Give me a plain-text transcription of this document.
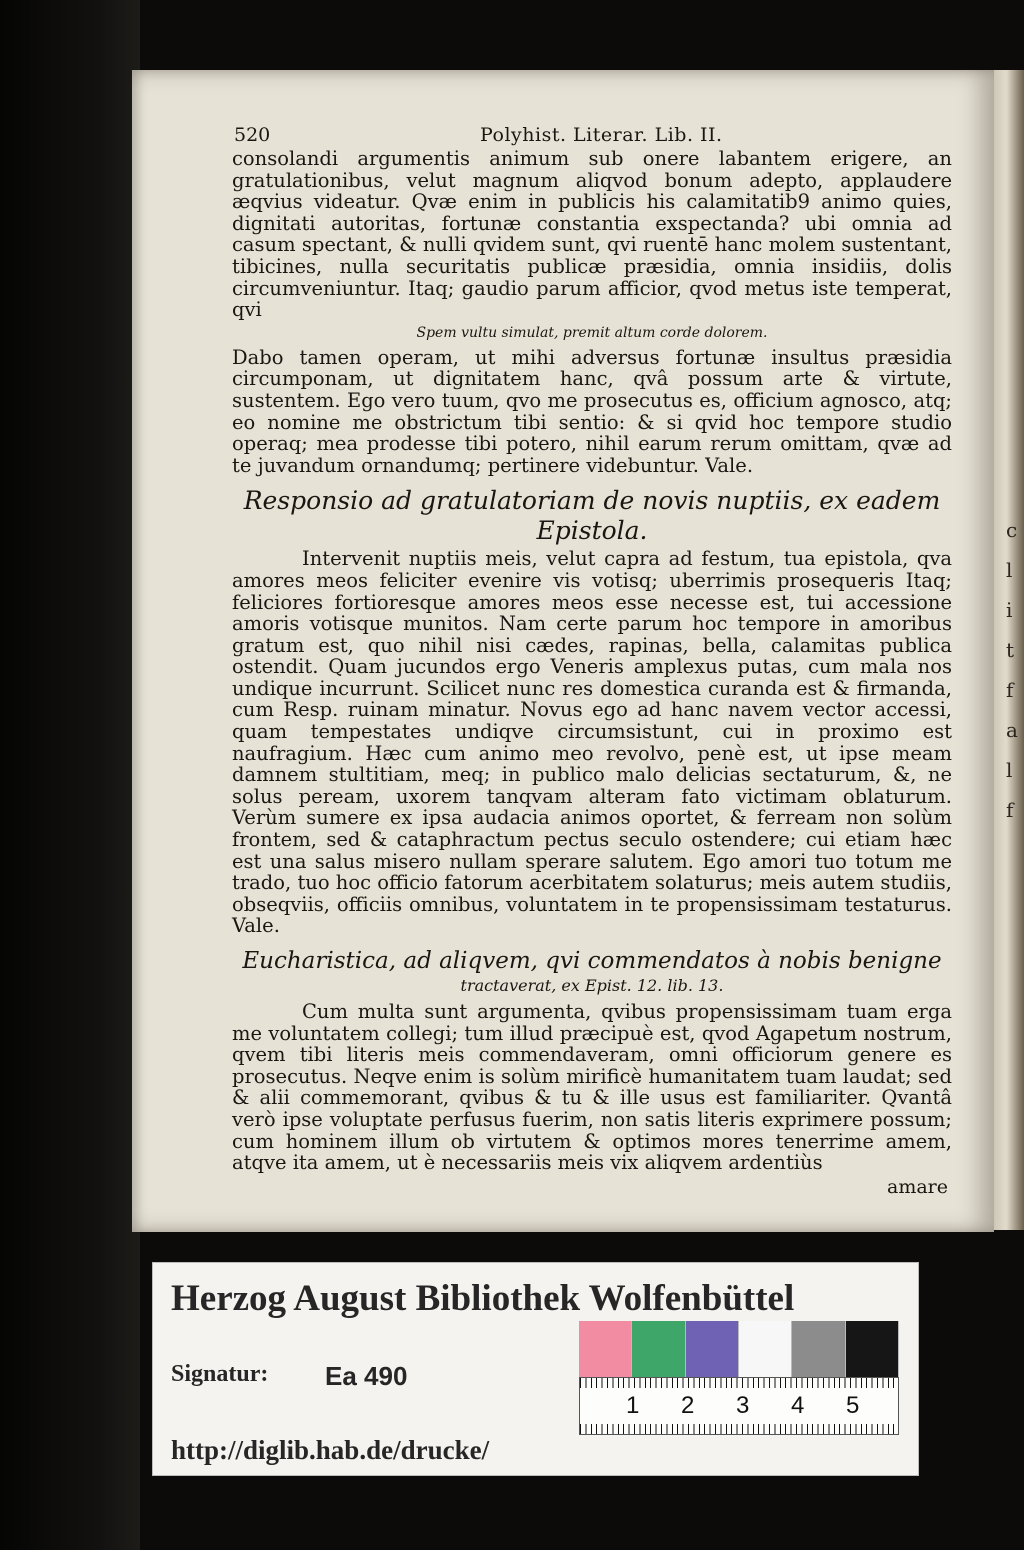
c
l
i
t
f
a
l
f
520	Polyhist. Literar. Lib. II.

consolandi argumentis animum sub onere labantem erigere, an gratulationibus, velut magnum aliqvod bonum adepto, applaudere æqvius videatur. Qvæ enim in publicis his calamitatib9 animo quies, dignitati autoritas, fortunæ constantia exspectanda? ubi omnia ad casum spectant, & nulli qvidem sunt, qvi ruentē hanc molem sustentant, tibicines, nulla securitatis publicæ præsidia, omnia insidiis, dolis circumveniuntur. Itaq; gaudio parum afficior, qvod metus iste temperat, qvi

Spem vultu simulat, premit altum corde dolorem.

Dabo tamen operam, ut mihi adversus fortunæ insultus præsidia circumponam, ut dignitatem hanc, qvâ possum arte & virtute, sustentem. Ego vero tuum, qvo me prosecutus es, officium agnosco, atq; eo nomine me obstrictum tibi sentio: & si qvid hoc tempore studio operaq; mea prodesse tibi potero, nihil earum rerum omittam, qvæ ad te juvandum ornandumq; pertinere videbuntur. Vale.

Responsio ad gratulatoriam de novis nuptiis, ex eadem Epistola.

Intervenit nuptiis meis, velut capra ad festum, tua epistola, qva amores meos feliciter evenire vis votisq; uberrimis prosequeris Itaq; feliciores fortioresque amores meos esse necesse est, tui accessione amoris votisque munitos. Nam certe parum hoc tempore in amoribus gratum est, quo nihil nisi cædes, rapinas, bella, calamitas publica ostendit. Quam jucundos ergo Veneris amplexus putas, cum mala nos undique incurrunt. Scilicet nunc res domestica curanda est & firmanda, cum Resp. ruinam minatur. Novus ego ad hanc navem vector accessi, quam tempestates undiqve circumsistunt, cui in proximo est naufragium. Hæc cum animo meo revolvo, penè est, ut ipse meam damnem stultitiam, meq; in publico malo delicias sectaturum, &, ne solus peream, uxorem tanqvam alteram fato victimam oblaturum. Verùm sumere ex ipsa audacia animos oportet, & ferream non solùm frontem, sed & cataphractum pectus seculo ostendere; cui etiam hæc est una salus misero nullam sperare salutem. Ego amori tuo totum me trado, tuo hoc officio fatorum acerbitatem solaturus; meis autem studiis, obseqviis, officiis omnibus, voluntatem in te propensissimam testaturus. Vale.

Eucharistica, ad aliqvem, qvi commendatos à nobis benigne
tractaverat, ex Epist. 12. lib. 13.

Cum multa sunt argumenta, qvibus propensissimam tuam erga me voluntatem collegi; tum illud præcipuè est, qvod Agapetum nostrum, qvem tibi literis meis commendaveram, omni officiorum genere es prosecutus. Neqve enim is solùm mirificè humanitatem tuam laudat; sed & alii commemorant, qvibus & tu & ille usus est familiariter. Qvantâ verò ipse voluptate perfusus fuerim, non satis literis exprimere possum; cum hominem illum ob virtutem & optimos mores tenerrime amem, atqve ita amem, ut è necessariis meis vix aliqvem ardentiùs

amare
Herzog August Bibliothek Wolfenbüttel
Signatur: Ea 490
http://diglib.hab.de/drucke/
1 2 3 4 5
